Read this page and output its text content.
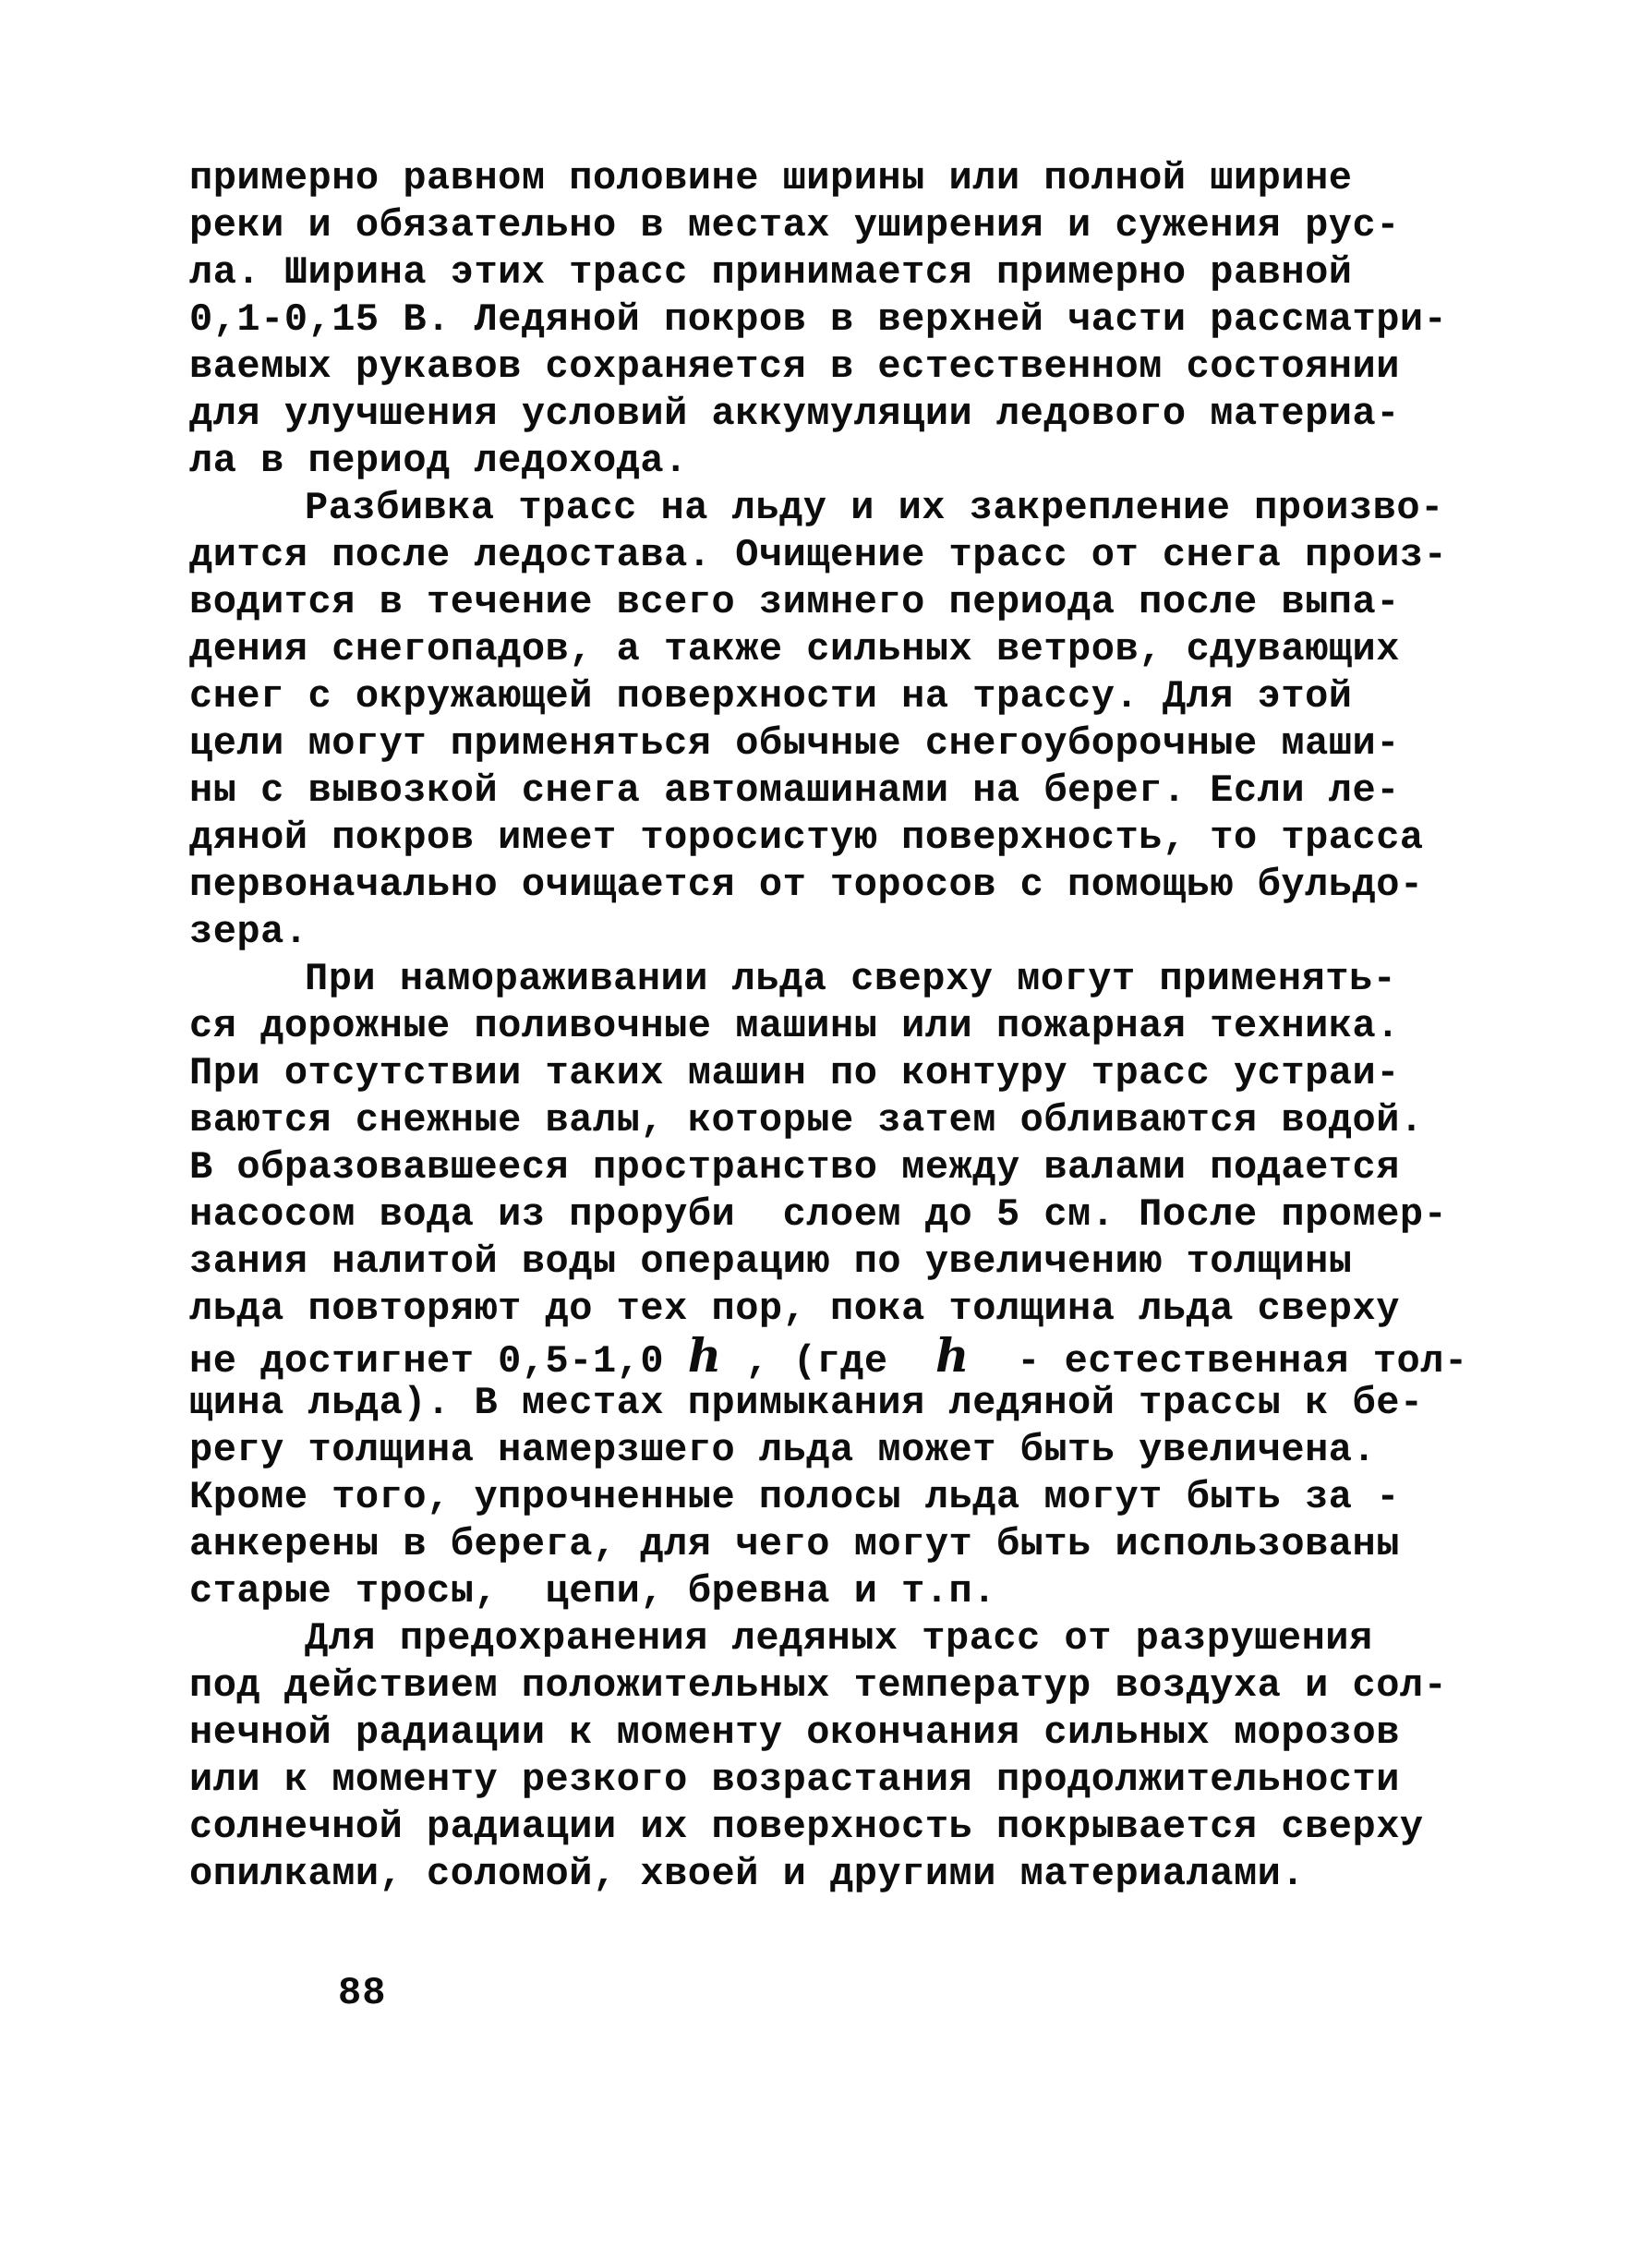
примерно равном половине ширины или полной ширине
реки и обязательно в местах уширения и сужения рус-
ла. Ширина этих трасс принимается примерно равной
0,1-0,15 В. Ледяной покров в верхней части рассматри-
ваемых рукавов сохраняется в естественном состоянии
для улучшения условий аккумуляции ледового материа-
ла в период ледохода.
Разбивка трасс на льду и их закрепление произво-
дится после ледостава. Очищение трасс от снега произ-
водится в течение всего зимнего периода после выпа-
дения снегопадов, а также сильных ветров, сдувающих
снег с окружающей поверхности на трассу. Для этой
цели могут применяться обычные снегоуборочные маши-
ны с вывозкой снега автомашинами на берег. Если ле-
дяной покров имеет торосистую поверхность, то трасса
первоначально очищается от торосов с помощью бульдо-
зера.
При намораживании льда сверху могут применять-
ся дорожные поливочные машины или пожарная техника.
При отсутствии таких машин по контуру трасс устраи-
ваются снежные валы, которые затем обливаются водой.
В образовавшееся пространство между валами подается
насосом вода из проруби  слоем до 5 см. После промер-
зания налитой воды операцию по увеличению толщины
льда повторяют до тех пор, пока толщина льда сверху
не достигнет 0,5-1,0 h , (где  h  - естественная тол-
щина льда). В местах примыкания ледяной трассы к бе-
регу толщина намерзшего льда может быть увеличена.
Кроме того, упрочненные полосы льда могут быть за -
анкерены в берега, для чего могут быть использованы
старые тросы,  цепи, бревна и т.п.
Для предохранения ледяных трасс от разрушения
под действием положительных температур воздуха и сол-
нечной радиации к моменту окончания сильных морозов
или к моменту резкого возрастания продолжительности
солнечной радиации их поверхность покрывается сверху
опилками, соломой, хвоей и другими материалами.
88
